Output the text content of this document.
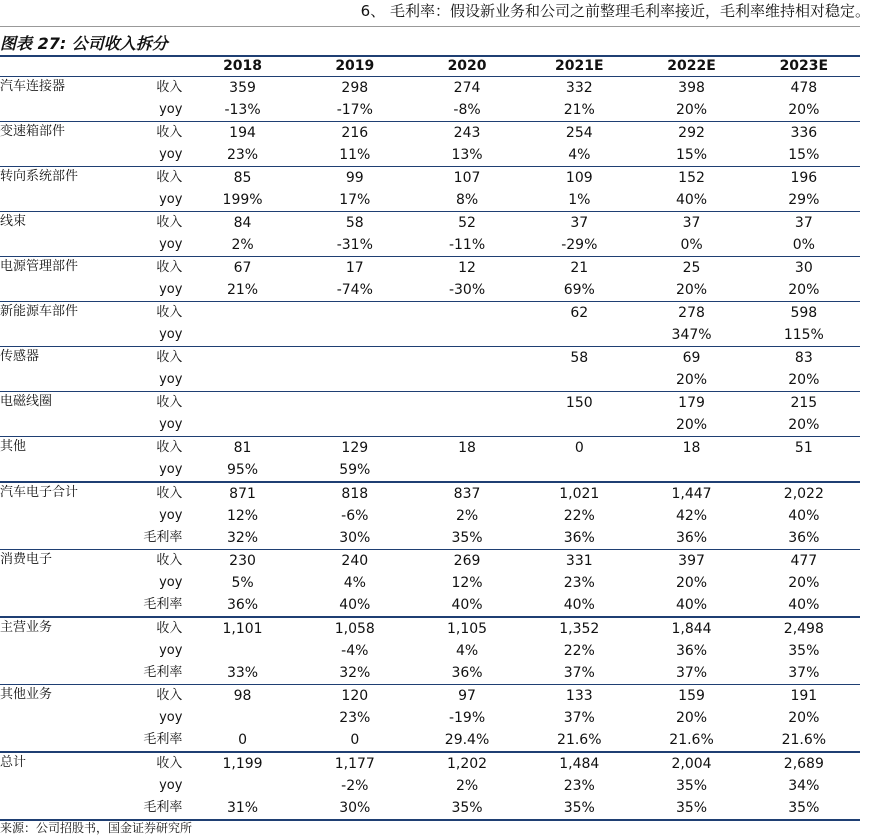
6、 毛利率：假设新业务和公司之前整理毛利率接近，毛利率维持相对稳定。
图表 27: 公司收入拆分
		2018	2019	2020	2021E	2022E	2023E
汽车连接器	收入	359	298	274	332	398	478
	yoy	-13%	-17%	-8%	21%	20%	20%
变速箱部件	收入	194	216	243	254	292	336
	yoy	23%	11%	13%	4%	15%	15%
转向系统部件	收入	85	99	107	109	152	196
	yoy	199%	17%	8%	1%	40%	29%
线束	收入	84	58	52	37	37	37
	yoy	2%	-31%	-11%	-29%	0%	0%
电源管理部件	收入	67	17	12	21	25	30
	yoy	21%	-74%	-30%	69%	20%	20%
新能源车部件	收入				62	278	598
	yoy					347%	115%
传感器	收入				58	69	83
	yoy					20%	20%
电磁线圈	收入				150	179	215
	yoy					20%	20%
其他	收入	81	129	18	0	18	51
	yoy	95%	59%				
汽车电子合计	收入	871	818	837	1,021	1,447	2,022
	yoy	12%	-6%	2%	22%	42%	40%
	毛利率	32%	30%	35%	36%	36%	36%
消费电子	收入	230	240	269	331	397	477
	yoy	5%	4%	12%	23%	20%	20%
	毛利率	36%	40%	40%	40%	40%	40%
主营业务	收入	1,101	1,058	1,105	1,352	1,844	2,498
	yoy		-4%	4%	22%	36%	35%
	毛利率	33%	32%	36%	37%	37%	37%
其他业务	收入	98	120	97	133	159	191
	yoy		23%	-19%	37%	20%	20%
	毛利率	0	0	29.4%	21.6%	21.6%	21.6%
总计	收入	1,199	1,177	1,202	1,484	2,004	2,689
	yoy		-2%	2%	23%	35%	34%
	毛利率	31%	30%	35%	35%	35%	35%
来源：公司招股书，国金证券研究所
